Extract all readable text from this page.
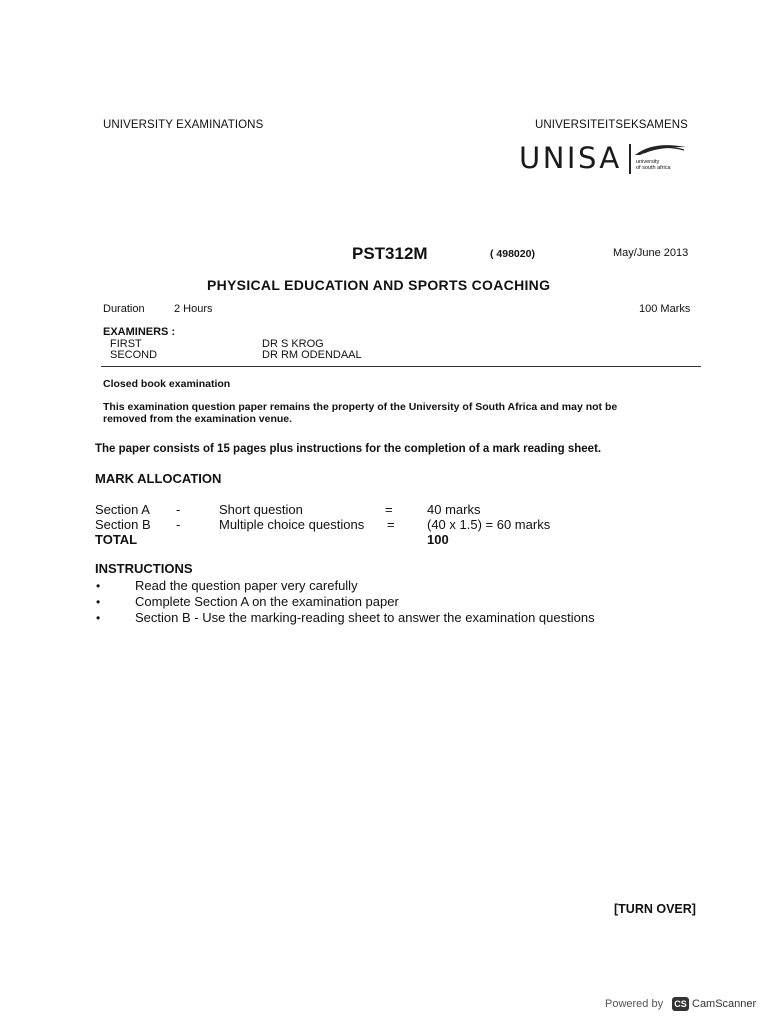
UNIVERSITY EXAMINATIONS	UNIVERSITEITSEKSAMENS
UNISA	university
of south africa
PST312M	( 498020)	May/June 2013
PHYSICAL EDUCATION AND SPORTS COACHING
Duration	2 Hours	100 Marks
EXAMINERS :
FIRST	DR S KROG
SECOND	DR RM ODENDAAL
Closed book examination
This examination question paper remains the property of the University of South Africa and may not be
removed from the examination venue.
The paper consists of 15 pages plus instructions for the completion of a mark reading sheet.
MARK ALLOCATION
Section A -	Short question	=	40 marks
Section B -	Multiple choice questions = (40 x 1.5) = 60 marks
TOTAL	100
INSTRUCTIONS
•	Read the question paper very carefully
•	Complete Section A on the examination paper
•	Section B - Use the marking-reading sheet to answer the examination questions
[TURN OVER]
Powered by CS CamScanner
